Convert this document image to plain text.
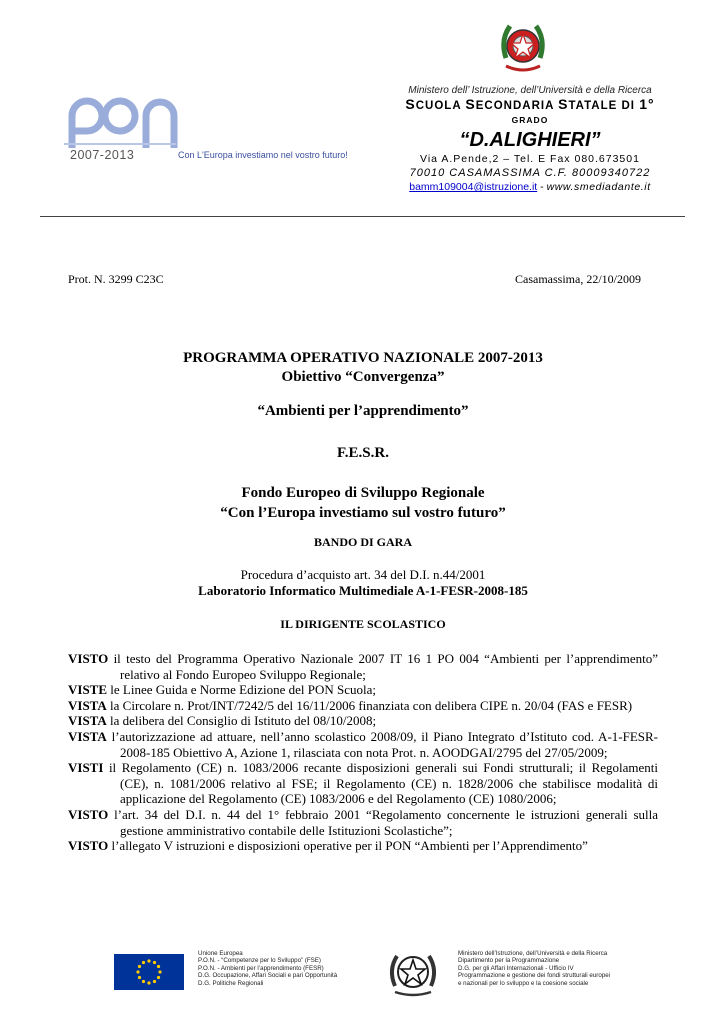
2007-2013	Con L'Europa investiamo nel vostro futuro!
Ministero dell’ Istruzione, dell’Università e della Ricerca
SCUOLA SECONDARIA STATALE DI 1°
GRADO
“D.ALIGHIERI”
Via A.Pende,2 – Tel. E Fax 080.673501
70010 CASAMASSIMA C.F. 80009340722
bamm109004@istruzione.it - www.smediadante.it
Prot. N. 3299 C23C	Casamassima, 22/10/2009
PROGRAMMA OPERATIVO NAZIONALE 2007-2013
Obiettivo “Convergenza”
“Ambienti per l’apprendimento”
F.E.S.R.
Fondo Europeo di Sviluppo Regionale
“Con l’Europa investiamo sul vostro futuro”
BANDO DI GARA
Procedura d’acquisto art. 34 del D.I. n.44/2001
Laboratorio Informatico Multimediale A-1-FESR-2008-185
IL DIRIGENTE SCOLASTICO

VISTO il testo del Programma Operativo Nazionale 2007 IT 16 1 PO 004 “Ambienti per l’apprendimento” relativo al Fondo Europeo Sviluppo Regionale;

VISTE le Linee Guida e Norme Edizione del PON Scuola;

VISTA la Circolare n. Prot/INT/7242/5 del 16/11/2006 finanziata con delibera CIPE n. 20/04 (FAS e FESR)

VISTA la delibera del Consiglio di Istituto del 08/10/2008;

VISTA l’autorizzazione ad attuare, nell’anno scolastico 2008/09, il Piano Integrato d’Istituto cod. A-1-FESR-2008-185 Obiettivo A, Azione 1, rilasciata con nota Prot. n. AOODGAI/2795 del 27/05/2009;

VISTI il Regolamento (CE) n. 1083/2006 recante disposizioni generali sui Fondi strutturali; il Regolamenti (CE), n. 1081/2006 relativo al FSE; il Regolamento (CE) n. 1828/2006 che stabilisce modalità di applicazione del Regolamento (CE) 1083/2006 e del Regolamento (CE) 1080/2006;

VISTO l’art. 34 del D.I. n. 44 del 1° febbraio 2001 “Regolamento concernente le istruzioni generali sulla gestione amministrativo contabile delle Istituzioni Scolastiche”;

VISTO l’allegato V istruzioni e disposizioni operative per il PON “Ambienti per l’Apprendimento”

Unione Europea
P.O.N. - “Competenze per lo Sviluppo” (FSE)
P.O.N. - Ambienti per l’apprendimento (FESR)
D.G. Occupazione, Affari Sociali e pari Opportunità
D.G. Politiche Regionali
Ministero dell’Istruzione, dell’Università e della Ricerca
Dipartimento per la Programmazione
D.G. per gli Affari Internazionali - Ufficio IV
Programmazione e gestione dei fondi strutturali europei
e nazionali per lo sviluppo e la coesione sociale
